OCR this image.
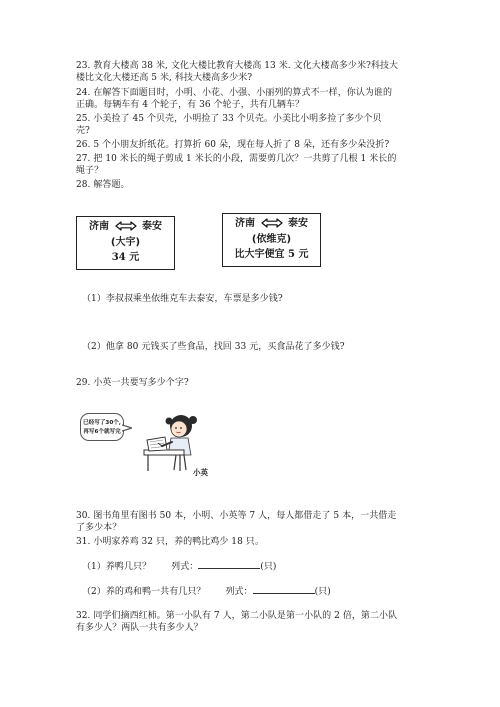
23. 教育大楼高 38 米, 文化大楼比教育大楼高 13 米. 文化大楼高多少米?科技大
楼比文化大楼还高 5 米, 科技大楼高多少米?
24. 在解答下面题目时，小明、小花、小强、小丽列的算式不一样，你认为谁的
正确。每辆车有 4 个轮子，有 36 个轮子，共有几辆车？
25. 小美捡了 45 个贝壳，小明捡了 33 个贝壳。小美比小明多捡了多少个贝
壳?
26. 5 个小朋友折纸花。打算折 60 朵，现在每人折了 8 朵，还有多少朵没折?
27. 把 10 米长的绳子剪成 1 米长的小段，需要剪几次？一共剪了几根 1 米长的
绳子？
28. 解答题。
济南	泰安
(大宇)
34 元
济南	泰安
(依维克)
比大宇便宜 5 元
（1）李叔叔乘坐依维克车去泰安，车票是多少钱?
（2）他拿 80 元钱买了些食品，找回 33 元，买食品花了多少钱?
29. 小英一共要写多少个字?
已经写了30个,
再写6个就写完
小英
30. 图书角里有图书 50 本，小明、小英等 7 人，每人都借走了 5 本，一共借走
了多少本？
31. 小明家养鸡 32 只，养的鸭比鸡少 18 只。
（1）养鸭几只？ 列式：	(只)
（2）养的鸡和鸭一共有几只？ 列式：	(只)
32. 同学们摘西红柿。第一小队有 7 人，第二小队是第一小队的 2 倍，第二小队
有多少人？两队一共有多少人？
